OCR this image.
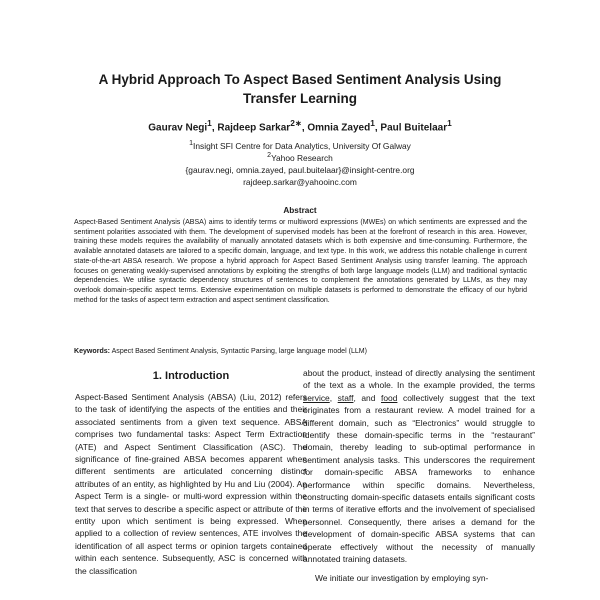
A Hybrid Approach To Aspect Based Sentiment Analysis Using
Transfer Learning
Gaurav Negi$^1$, Rajdeep Sarkar$^{2∗}$, Omnia Zayed$^1$, Paul Buitelaar$^1$
$^1$Insight SFI Centre for Data Analytics, University Of Galway
$^2$Yahoo Research
{gaurav.negi, omnia.zayed, paul.buitelaar}@insight-centre.org
rajdeep.sarkar@yahooinc.com
Abstract
Aspect-Based Sentiment Analysis (ABSA) aims to identify terms or multiword expressions (MWEs) on which sentiments are expressed and the sentiment polarities associated with them. The development of supervised models has been at the forefront of research in this area. However, training these models requires the availability of manually annotated datasets which is both expensive and time-consuming. Furthermore, the available annotated datasets are tailored to a specific domain, language, and text type. In this work, we address this notable challenge in current state-of-the-art ABSA research. We propose a hybrid approach for Aspect Based Sentiment Analysis using transfer learning. The approach focuses on generating weakly-supervised annotations by exploiting the strengths of both large language models (LLM) and traditional syntactic dependencies. We utilise syntactic dependency structures of sentences to complement the annotations generated by LLMs, as they may overlook domain-specific aspect terms. Extensive experimentation on multiple datasets is performed to demonstrate the efficacy of our hybrid method for the tasks of aspect term extraction and aspect sentiment classification.
Keywords: Aspect Based Sentiment Analysis, Syntactic Parsing, large language model (LLM)
1. Introduction

Aspect-Based Sentiment Analysis (ABSA) (Liu, 2012) refers to the task of identifying the aspects of the entities and their associated sentiments from a given text sequence. ABSA comprises two fundamental tasks: Aspect Term Extraction (ATE) and Aspect Sentiment Classification (ASC). The significance of fine-grained ABSA becomes apparent when different sentiments are articulated concerning distinct attributes of an entity, as highlighted by Hu and Liu (2004). An Aspect Term is a single- or multi-word expression within the text that serves to describe a specific aspect or attribute of the entity upon which sentiment is being expressed. When applied to a collection of review sentences, ATE involves the identification of all aspect terms or opinion targets contained within each sentence. Subsequently, ASC is concerned with the classification

about the product, instead of directly analysing the sentiment of the text as a whole. In the example provided, the terms service, staff, and food collectively suggest that the text originates from a restaurant review. A model trained for a different domain, such as “Electronics” would struggle to identify these domain-specific terms in the “restaurant” domain, thereby leading to sub-optimal performance in sentiment analysis tasks. This underscores the requirement for domain-specific ABSA frameworks to enhance performance within specific domains. Nevertheless, constructing domain-specific datasets entails significant costs in terms of iterative efforts and the involvement of specialised personnel. Consequently, there arises a demand for the development of domain-specific ABSA systems that can operate effectively without the necessity of manually annotated training datasets.

We initiate our investigation by employing syn-
